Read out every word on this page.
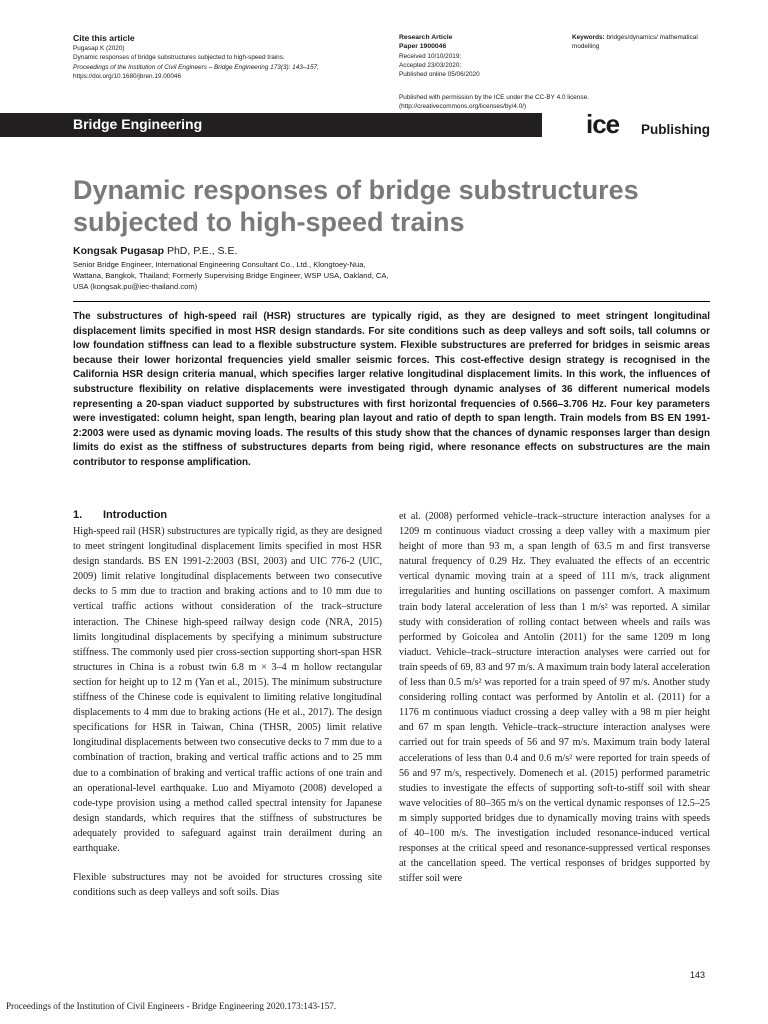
Cite this article
Pugasap K (2020)
Dynamic responses of bridge substructures subjected to high-speed trains.
Proceedings of the Institution of Civil Engineers – Bridge Engineering 173(3): 143–157,
https://doi.org/10.1680/jbren.19.00046
Research Article
Paper 1900046
Received 10/10/2019;
Accepted 23/03/2020;
Published online 05/06/2020
Keywords: bridges/dynamics/ mathematical modelling
Published with permission by the ICE under the CC-BY 4.0 license.
(http://creativecommons.org/licenses/by/4.0/)
Bridge Engineering	ice Publishing
Dynamic responses of bridge substructures subjected to high-speed trains
Kongsak Pugasap PhD, P.E., S.E.
Senior Bridge Engineer, International Engineering Consultant Co., Ltd., Klongtoey-Nua, Wattana, Bangkok, Thailand; Formerly Supervising Bridge Engineer, WSP USA, Oakland, CA, USA (kongsak.pu@iec-thailand.com)
The substructures of high-speed rail (HSR) structures are typically rigid, as they are designed to meet stringent longitudinal displacement limits specified in most HSR design standards. For site conditions such as deep valleys and soft soils, tall columns or low foundation stiffness can lead to a flexible substructure system. Flexible substructures are preferred for bridges in seismic areas because their lower horizontal frequencies yield smaller seismic forces. This cost-effective design strategy is recognised in the California HSR design criteria manual, which specifies larger relative longitudinal displacement limits. In this work, the influences of substructure flexibility on relative displacements were investigated through dynamic analyses of 36 different numerical models representing a 20-span viaduct supported by substructures with first horizontal frequencies of 0.566–3.706 Hz. Four key parameters were investigated: column height, span length, bearing plan layout and ratio of depth to span length. Train models from BS EN 1991-2:2003 were used as dynamic moving loads. The results of this study show that the chances of dynamic responses larger than design limits do exist as the stiffness of substructures departs from being rigid, where resonance effects on substructures are the main contributor to response amplification.
1. Introduction

High-speed rail (HSR) substructures are typically rigid, as they are designed to meet stringent longitudinal displacement limits specified in most HSR design standards. BS EN 1991-2:2003 (BSI, 2003) and UIC 776-2 (UIC, 2009) limit relative longitudinal displacements between two consecutive decks to 5 mm due to traction and braking actions and to 10 mm due to vertical traffic actions without consideration of the track–structure interaction. The Chinese high-speed railway design code (NRA, 2015) limits longitudinal displacements by specifying a minimum substructure stiffness. The commonly used pier cross-section supporting short-span HSR structures in China is a robust twin 6.8 m × 3–4 m hollow rectangular section for height up to 12 m (Yan et al., 2015). The minimum substructure stiffness of the Chinese code is equivalent to limiting relative longitudinal displacements to 4 mm due to braking actions (He et al., 2017). The design specifications for HSR in Taiwan, China (THSR, 2005) limit relative longitudinal displacements between two consecutive decks to 7 mm due to a combination of traction, braking and vertical traffic actions and to 25 mm due to a combination of braking and vertical traffic actions of one train and an operational-level earthquake. Luo and Miyamoto (2008) developed a code-type provision using a method called spectral intensity for Japanese design standards, which requires that the stiffness of substructures be adequately provided to safeguard against train derailment during an earthquake.

Flexible substructures may not be avoided for structures crossing site conditions such as deep valleys and soft soils. Dias

et al. (2008) performed vehicle–track–structure interaction analyses for a 1209 m continuous viaduct crossing a deep valley with a maximum pier height of more than 93 m, a span length of 63.5 m and first transverse natural frequency of 0.29 Hz. They evaluated the effects of an eccentric vertical dynamic moving train at a speed of 111 m/s, track alignment irregularities and hunting oscillations on passenger comfort. A maximum train body lateral acceleration of less than 1 m/s² was reported. A similar study with consideration of rolling contact between wheels and rails was performed by Goicolea and Antolin (2011) for the same 1209 m long viaduct. Vehicle–track–structure interaction analyses were carried out for train speeds of 69, 83 and 97 m/s. A maximum train body lateral acceleration of less than 0.5 m/s² was reported for a train speed of 97 m/s. Another study considering rolling contact was performed by Antolin et al. (2011) for a 1176 m continuous viaduct crossing a deep valley with a 98 m pier height and 67 m span length. Vehicle–track–structure interaction analyses were carried out for train speeds of 56 and 97 m/s. Maximum train body lateral accelerations of less than 0.4 and 0.6 m/s² were reported for train speeds of 56 and 97 m/s, respectively. Domenech et al. (2015) performed parametric studies to investigate the effects of supporting soft-to-stiff soil with shear wave velocities of 80–365 m/s on the vertical dynamic responses of 12.5–25 m simply supported bridges due to dynamically moving trains with speeds of 40–100 m/s. The investigation included resonance-induced vertical responses at the critical speed and resonance-suppressed vertical responses at the cancellation speed. The vertical responses of bridges supported by stiffer soil were

143
Proceedings of the Institution of Civil Engineers - Bridge Engineering 2020.173:143-157.
